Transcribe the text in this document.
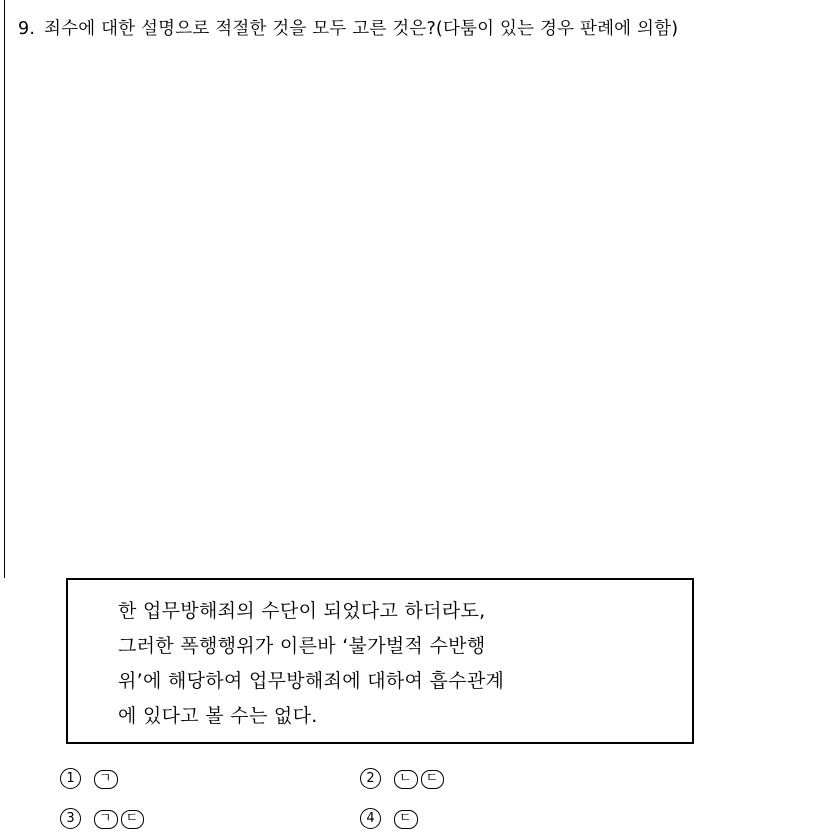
9. 죄수에 대한 설명으로 적절한 것을 모두 고른 것은?(다툼이 있는 경우 판례에 의함)
한 업무방해죄의 수단이 되었다고 하더라도,
그러한 폭행행위가 이른바 ‘불가벌적 수반행
위’에 해당하여 업무방해죄에 대하여 흡수관계
에 있다고 볼 수는 없다.
1	ㄱ	2	ㄴ ㄷ
3	ㄱ ㄷ	4	ㄷ
